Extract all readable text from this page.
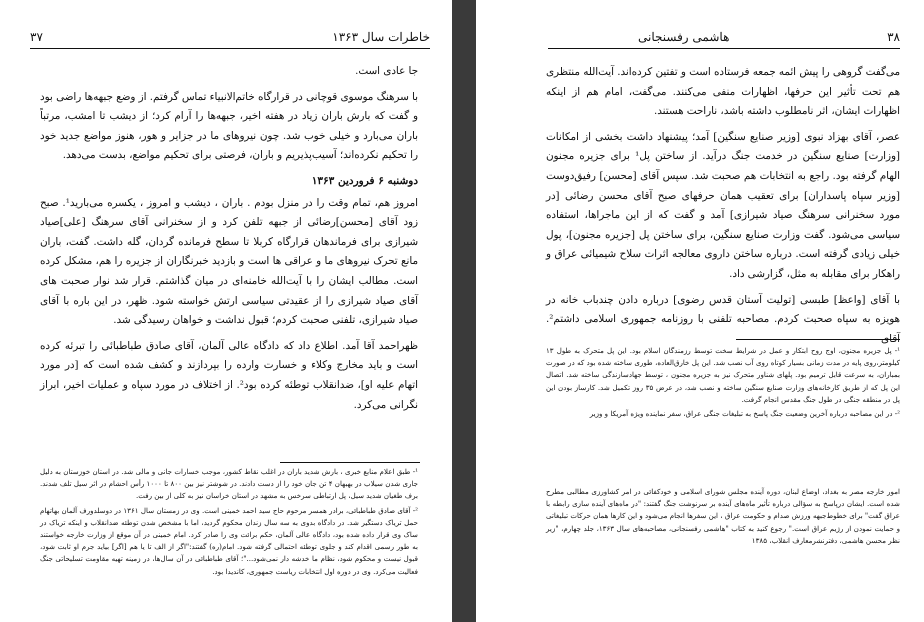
۳۷	خاطرات سال ۱۳۶۳

جا عادی است.

با سرهنگ موسوی قوچانی در قرارگاه خاتم‌الانبیاء تماس گرفتم. از وضع جبهه‌ها راضی بود و گفت که بارش باران زیاد در هفته اخیر، جبهه‌ها را آرام کرد؛ از دیشب تا امشب، مرتباً باران می‌بارد و خیلی خوب شد. چون نیروهای ما در جزایر و هور، هنوز مواضع جدید خود را تحکیم نکرده‌اند؛ آسیب‌پذیریم و باران، فرصتی برای تحکیم مواضع، بدست می‌دهد.

دوشنبه ۶ فروردین ۱۳۶۳

امروز هم، تمام وقت را در منزل بودم . باران ، دیشب و امروز ، یکسره می‌بارید¹. صبح زود آقای [محسن]رضائی از جبهه تلفن کرد و از سخنرانی آقای سرهنگ [علی]صیاد شیرازی برای فرماندهان قرارگاه کربلا تا سطح فرمانده گردان، گله داشت. گفت، باران مانع تحرک نیروهای ما و عراقی ها است و بازدید خبرنگاران از جزیره را هم، مشکل کرده است. مطالب ایشان را با آیت‌الله خامنه‌ای در میان گذاشتم. قرار شد نوار صحبت های آقای صیاد شیرازی را از عقیدتی سیاسی ارتش خواسته شود. ظهر، در این باره با آقای صیاد شیرازی، تلفنی صحبت کردم؛ قبول نداشت و خواهان رسیدگی شد.

ظهراحمد آقا آمد. اطلاع داد که دادگاه عالی آلمان، آقای صادق طباطبائی را تبرئه کرده است و باید مخارج وکلاء و خسارت وارده را بپردازند و کشف شده است که [در مورد اتهام علیه او]، ضدانقلاب توطئه کرده بود². از اختلاف در مورد سپاه و عملیات اخیر، ابراز نگرانی می‌کرد.

¹- طبق اعلام منابع خبری ، بارش شدید باران در اغلب نقاط کشور، موجب خسارات جانی و مالی شد. در استان خوزستان به دلیل جاری شدن سیلاب در بهبهان ۴ تن جان خود را از دست دادند. در شوشتر نیز بین ۸۰۰ تا ۱۰۰۰ رأس احشام در اثر سیل تلف شدند. برف طغیان شدید سیل، پل ارتباطی سرخس به مشهد در استان خراسان نیز به کلی از بین رفت.

²- آقای صادق طباطبائی، برادر همسر مرحوم حاج سید احمد خمینی است. وی در زمستان سال ۱۳۶۱ در دوسلدورف آلمان بهاتهام حمل تریاک دستگیر شد. در دادگاه بدوی به سه سال زندان محکوم گردید، اما با مشخص شدن توطئه ضدانقلاب و اینکه تریاک در ساک وی قرار داده شده بود، دادگاه عالی آلمان، حکم برائت وی را صادر کرد. امام خمینی در آن موقع از وزارت خارجه خواستند به طور رسمی اقدام کند و جلوی توطئه احتمالی گرفته شود. امام(ره) گفتند:"اگر از الف تا یا هم [اگر] بیاید جرم او ثابت شود، قبول نیست و محکوم شود، نظام ما خدشه دار نمی‌شود..."؛ آقای طباطبائی در آن سال‌ها، در زمینه تهیه مقاومت تسلیحاتی جنگ فعالیت می‌کرد. وی در دوره اول انتخابات ریاست جمهوری، کاندیدا بود.

۳۸
هاشمی رفسنجانی

می‌گفت گروهی را پیش ائمه جمعه فرستاده است و تفتین کرده‌اند. آیت‌الله منتظری هم تحت تأثیر این حرفها، اظهارات منفی می‌کنند. می‌گفت، امام هم از اینکه اظهارات ایشان، اثر نامطلوب داشته باشد، ناراحت هستند.

عصر، آقای بهزاد نبوی [وزیر صنایع سنگین] آمد؛ پیشنهاد داشت بخشی از امکانات [وزارت] صنایع سنگین در خدمت جنگ درآید. از ساختن پل¹ برای جزیره مجنون الهام گرفته بود. راجع به انتخابات هم صحبت شد. سپس آقای [محسن] رفیق‌دوست [وزیر سپاه پاسداران] برای تعقیب همان حرفهای صبح آقای محسن رضائی [در مورد سخنرانی سرهنگ صیاد شیرازی] آمد و گفت که از این ماجراها، استفاده سیاسی می‌شود. گفت وزارت صنایع سنگین، برای ساختن پل [جزیره مجنون]، پول خیلی زیادی گرفته است. درباره ساختن داروی معالجه اثرات سلاح شیمیائی عراق و راهکار برای مقابله به مثل، گزارشی داد.

با آقای [واعظ] طبسی [تولیت آستان قدس رضوی] درباره دادن چندباب خانه در هویزه به سپاه صحبت کردم. مصاحبه تلفنی با روزنامه جمهوری اسلامی داشتم². آقای

¹- پل جزیره مجنون، اوج روح ابتکار و عمل در شرایط سخت توسط رزمندگان اسلام بود. این پل متحرک به طول ۱۳ کیلومتر،روی پایه در مدت زمانی بسیار کوتاه روی آب نصب شد. این پل خارق‌العاده، طوری ساخته شده بود که در صورت بمباران، به سرعت قابل ترمیم بود. پلهای شناور متحرک نیز به جزیره مجنون ، توسط جهادسازندگی ساخته شد. اتصال این پل که از طریق کارخانه‌های وزارت صنایع سنگین ساخته و نصب شد، در عرض ۳۵ روز تکمیل شد. کارساز بودن این پل در منطقه جنگی در طول جنگ مقدس انجام گرفت.

²- در این مصاحبه درباره آخرین وضعیت جنگ پاسخ به تبلیغات جنگی عراق، سفر نماینده ویژه آمریکا و وزیر

امور خارجه مصر به بغداد، اوضاع لبنان، دوره آینده مجلس شورای اسلامی و خودکفائی در امر کشاورزی مطالبی مطرح شده است. ایشان درپاسخ به سؤالی درباره تأثیر ماه‌های آینده بر سرنوشت جنگ گفتند: "در ماه‌های آینده سازی رابطه با عراق گفت" برای خطوط‌جبهه ورزش صدام و حکومت عراق ، این سفرها انجام می‌شود و این کارها همان حرکات تبلیغاتی و حمایت نمودن از رژیم عراق است." رجوع کنید به کتاب "هاشمی رفسنجانی، مصاحبه‌های سال ۱۳۶۳، جلد چهارم، "زیر نظر محسن هاشمی، دفترنشرمعارف انقلاب، ۱۳۸۵
